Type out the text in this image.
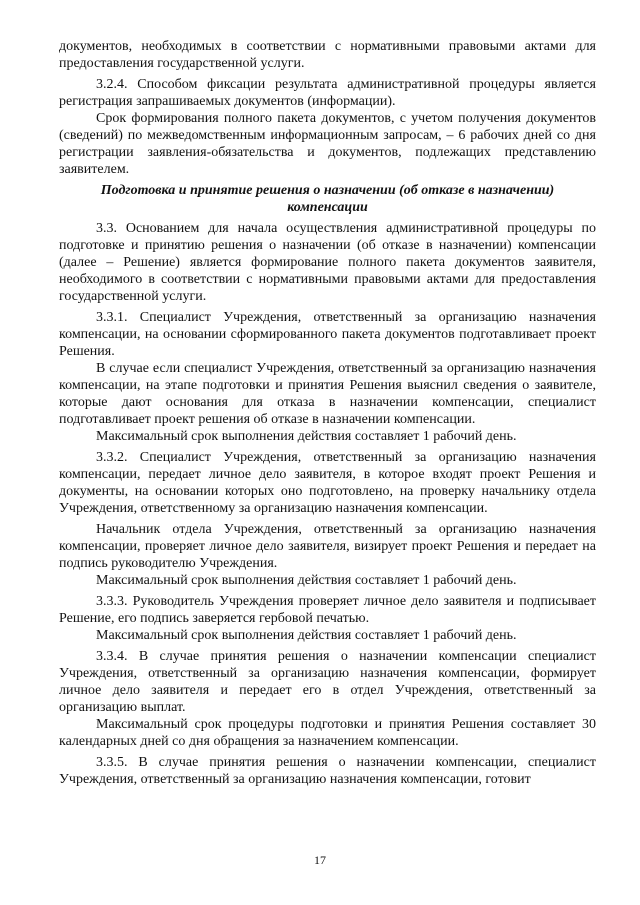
документов, необходимых в соответствии с нормативными правовыми актами для предоставления государственной услуги.

3.2.4. Способом фиксации результата административной процедуры является регистрация запрашиваемых документов (информации).

Срок формирования полного пакета документов, с учетом получения документов (сведений) по межведомственным информационным запросам, – 6 рабочих дней со дня регистрации заявления-обязательства и документов, подлежащих представлению заявителем.

Подготовка и принятие решения о назначении (об отказе в назначении) компенсации

3.3. Основанием для начала осуществления административной процедуры по подготовке и принятию решения о назначении (об отказе в назначении) компенсации (далее – Решение) является формирование полного пакета документов заявителя, необходимого в соответствии с нормативными правовыми актами для предоставления государственной услуги.

3.3.1. Специалист Учреждения, ответственный за организацию назначения компенсации, на основании сформированного пакета документов подготавливает проект Решения.

В случае если специалист Учреждения, ответственный за организацию назначения компенсации, на этапе подготовки и принятия Решения выяснил сведения о заявителе, которые дают основания для отказа в назначении компенсации, специалист подготавливает проект решения об отказе в назначении компенсации.

Максимальный срок выполнения действия составляет 1 рабочий день.

3.3.2. Специалист Учреждения, ответственный за организацию назначения компенсации, передает личное дело заявителя, в которое входят проект Решения и документы, на основании которых оно подготовлено, на проверку начальнику отдела Учреждения, ответственному за организацию назначения компенсации.

Начальник отдела Учреждения, ответственный за организацию назначения компенсации, проверяет личное дело заявителя, визирует проект Решения и передает на подпись руководителю Учреждения.

Максимальный срок выполнения действия составляет 1 рабочий день.

3.3.3. Руководитель Учреждения проверяет личное дело заявителя и подписывает Решение, его подпись заверяется гербовой печатью.

Максимальный срок выполнения действия составляет 1 рабочий день.

3.3.4. В случае принятия решения о назначении компенсации специалист Учреждения, ответственный за организацию назначения компенсации, формирует личное дело заявителя и передает его в отдел Учреждения, ответственный за организацию выплат.

Максимальный срок процедуры подготовки и принятия Решения составляет 30 календарных дней со дня обращения за назначением компенсации.

3.3.5. В случае принятия решения о назначении компенсации, специалист Учреждения, ответственный за организацию назначения компенсации, готовит

17
